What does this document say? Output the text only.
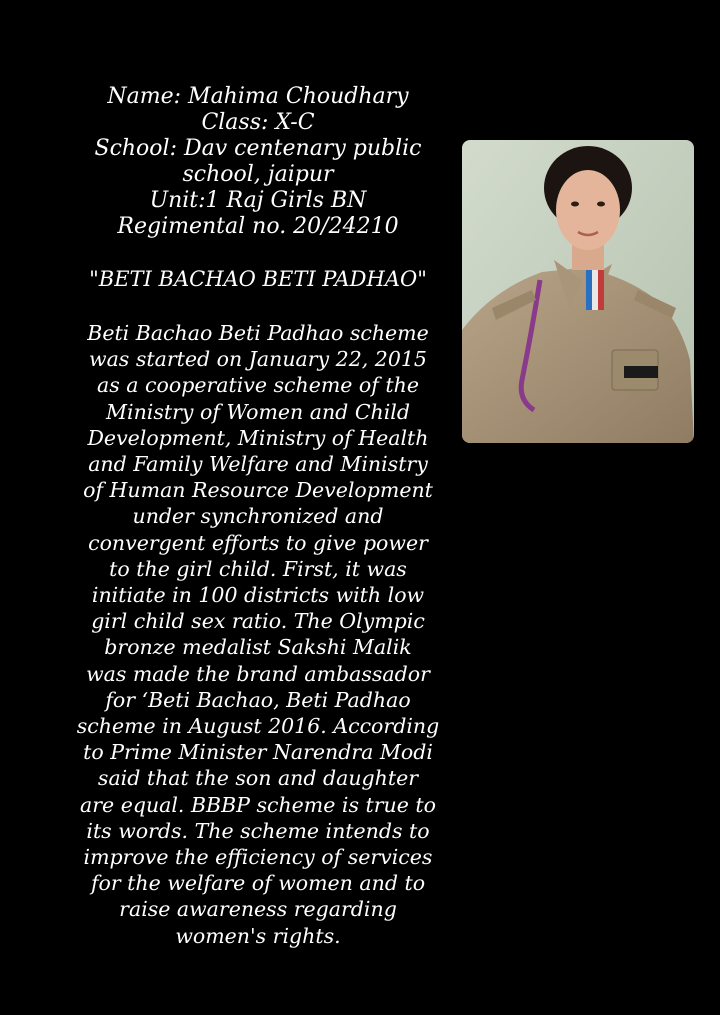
Name: Mahima Choudhary
Class: X-C
School: Dav centenary public
school, jaipur
Unit:1 Raj Girls BN
Regimental no. 20/24210
"BETI BACHAO BETI PADHAO"
Beti Bachao Beti Padhao scheme
was started on January 22, 2015
as a cooperative scheme of the
Ministry of Women and Child
Development, Ministry of Health
and Family Welfare and Ministry
of Human Resource Development
under synchronized and
convergent efforts to give power
to the girl child. First, it was
initiate in 100 districts with low
girl child sex ratio. The Olympic
bronze medalist Sakshi Malik
was made the brand ambassador
for ‘Beti Bachao, Beti Padhao
scheme in August 2016. According
to Prime Minister Narendra Modi
said that the son and daughter
are equal. BBBP scheme is true to
its words. The scheme intends to
improve the efficiency of services
for the welfare of women and to
raise awareness regarding
women's rights.
